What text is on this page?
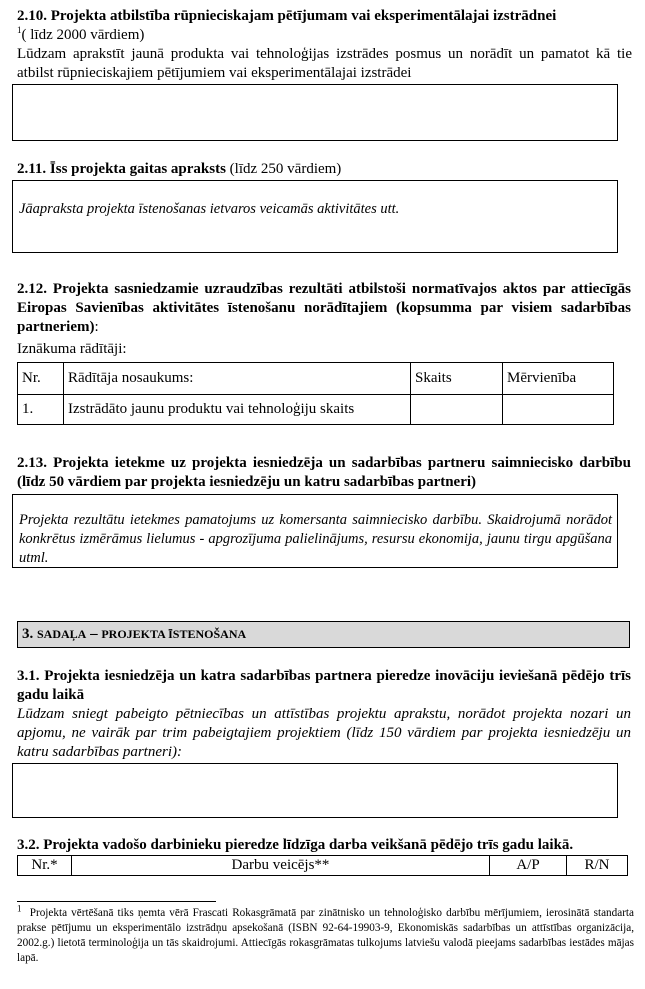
2.10. Projekta atbilstība rūpnieciskajam pētījumam vai eksperimentālajai izstrādnei
$^1$( līdz 2000 vārdiem)
Lūdzam aprakstīt jaunā produkta vai tehnoloģijas izstrādes posmus un norādīt un pamatot kā tie atbilst rūpnieciskajiem pētījumiem vai eksperimentālajai izstrādei
2.11. Īss projekta gaitas apraksts (līdz 250 vārdiem)
Jāapraksta projekta īstenošanas ietvaros veicamās aktivitātes utt.
2.12. Projekta sasniedzamie uzraudzības rezultāti atbilstoši normatīvajos aktos par attiecīgās Eiropas Savienības aktivitātes īstenošanu norādītajiem (kopsumma par visiem sadarbības partneriem):
Iznākuma rādītāji:
Nr.	Rādītāja nosaukums:	Skaits	Mērvienība
1.	Izstrādāto jaunu produktu vai tehnoloģiju skaits		
2.13. Projekta ietekme uz projekta iesniedzēja un sadarbības partneru saimniecisko darbību (līdz 50 vārdiem par projekta iesniedzēju un katru sadarbības partneri)
Projekta rezultātu ietekmes pamatojums uz komersanta saimniecisko darbību. Skaidrojumā norādot konkrētus izmērāmus lielumus - apgrozījuma palielinājums, resursu ekonomija, jaunu tirgu apgūšana utml.
3. SADAĻA – PROJEKTA ĪSTENOŠANA
3.1. Projekta iesniedzēja un katra sadarbības partnera pieredze inovāciju ieviešanā pēdējo trīs gadu laikā
Lūdzam sniegt pabeigto pētniecības un attīstības projektu aprakstu, norādot projekta nozari un apjomu, ne vairāk par trim pabeigtajiem projektiem (līdz 150 vārdiem par projekta iesniedzēju un katru sadarbības partneri):
3.2. Projekta vadošo darbinieku pieredze līdzīga darba veikšanā pēdējo trīs gadu laikā.
Nr.*	Darbu veicējs**	A/P	R/N
$^1$ Projekta vērtēšanā tiks ņemta vērā Frascati Rokasgrāmatā par zinātnisko un tehnoloģisko darbību mērījumiem, ierosinātā standarta prakse pētījumu un eksperimentālo izstrādņu apsekošanā (ISBN 92-64-19903-9, Ekonomiskās sadarbības un attīstības organizācija, 2002.g.) lietotā terminoloģija un tās skaidrojumi. Attiecīgās rokasgrāmatas tulkojums latviešu valodā pieejams sadarbības iestādes mājas lapā.
